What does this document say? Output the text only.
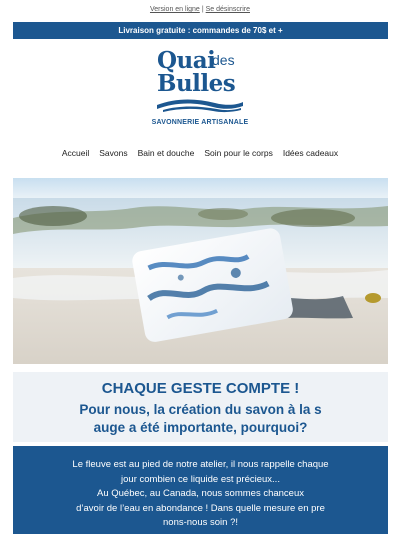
Version en ligne | Se désinscrire
Livraison gratuite : commandes de 70$ et +
Quai
des
Bulles
SAVONNERIE ARTISANALE
Accueil Savons Bain et douche Soin pour le corps Idées cadeaux
CHAQUE GESTE COMPTE !
Pour nous, la création du savon à la s
auge a été importante, pourquoi?

Le fleuve est au pied de notre atelier, il nous rappelle chaque
jour combien ce liquide est précieux...
Au Québec, au Canada, nous sommes chanceux
d’avoir de l’eau en abondance ! Dans quelle mesure en pre
nons-nous soin ?!
